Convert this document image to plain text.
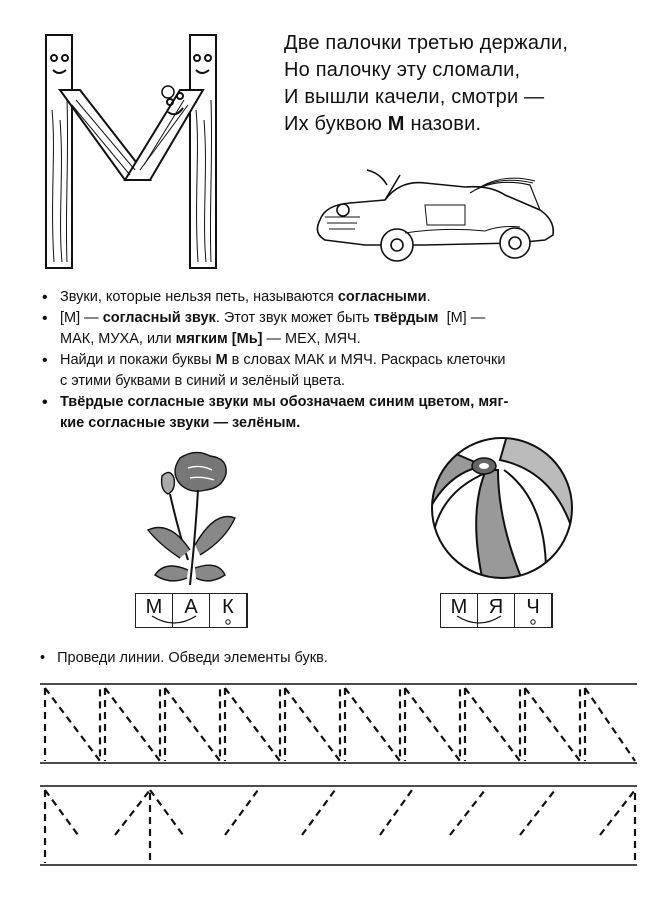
Две палочки третью держали,
Но палочку эту сломали,
И вышли качели, смотри —
Их буквою М назови.
• Звуки, которые нельзя петь, называются согласными.
• [М] — согласный звук. Этот звук может быть твёрдым [М] —
МАК, МУХА, или мягким [Мь] — МЕХ, МЯЧ.
• Найди и покажи буквы М в словах МАК и МЯЧ. Раскрась клеточки
с этими буквами в синий и зелёный цвета.
• Твёрдые согласные звуки мы обозначаем синим цветом, мяг-
кие согласные звуки — зелёным.
М	А	К	М	Я	Ч
• Проведи линии. Обведи элементы букв.
